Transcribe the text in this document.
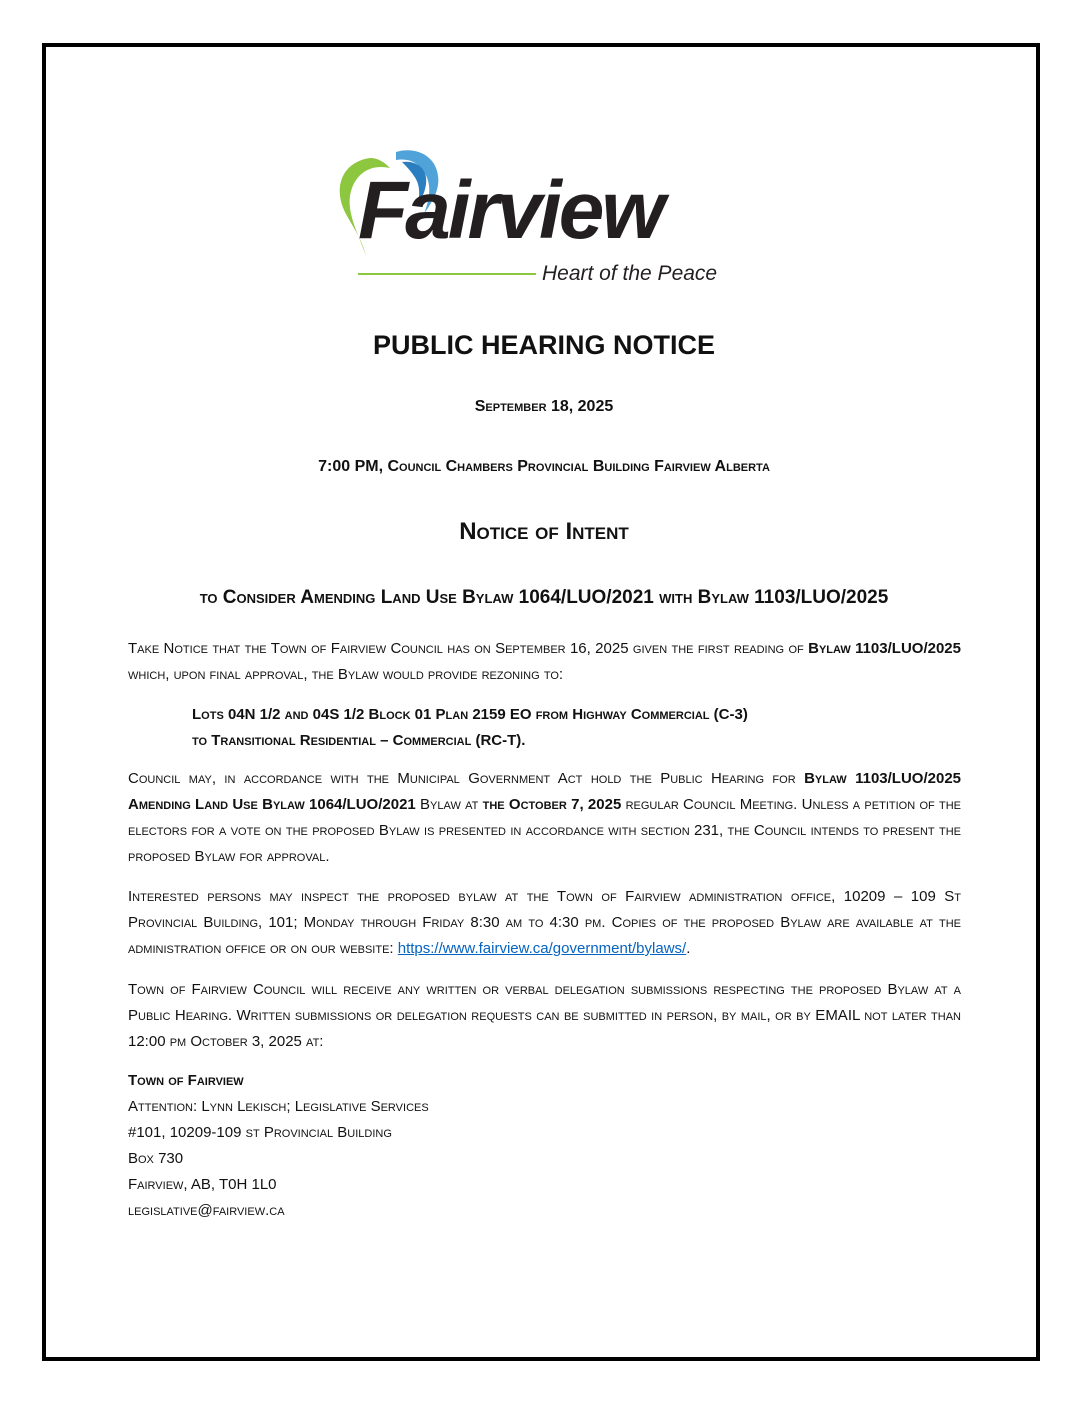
Fairview
Heart of the Peace
PUBLIC HEARING NOTICE
September 18, 2025
7:00 PM, Council Chambers Provincial Building Fairview Alberta
Notice of Intent
to Consider Amending Land Use Bylaw 1064/LUO/2021 with Bylaw 1103/LUO/2025

Take Notice that the Town of Fairview Council has on September 16, 2025 given the first reading of Bylaw 1103/LUO/2025 which, upon final approval, the Bylaw would provide rezoning to:

Lots 04N 1/2 and 04S 1/2 Block 01 Plan 2159 EO from Highway Commercial (C-3)
to Transitional Residential – Commercial (RC-T).

Council may, in accordance with the Municipal Government Act hold the Public Hearing for Bylaw 1103/LUO/2025 Amending Land Use Bylaw 1064/LUO/2021 Bylaw at the October 7, 2025 regular Council Meeting. Unless a petition of the electors for a vote on the proposed Bylaw is presented in accordance with section 231, the Council intends to present the proposed Bylaw for approval.

Interested persons may inspect the proposed bylaw at the Town of Fairview administration office, 10209 – 109 St Provincial Building, 101; Monday through Friday 8:30 am to 4:30 pm. Copies of the proposed Bylaw are available at the administration office or on our website: https://www.fairview.ca/government/bylaws/.

Town of Fairview Council will receive any written or verbal delegation submissions respecting the proposed Bylaw at a Public Hearing. Written submissions or delegation requests can be submitted in person, by mail, or by EMAIL not later than 12:00 pm October 3, 2025 at:

Town of Fairview
Attention: Lynn Lekisch; Legislative Services
#101, 10209-109 st Provincial Building
Box 730
Fairview, AB, T0H 1L0
legislative@fairview.ca
